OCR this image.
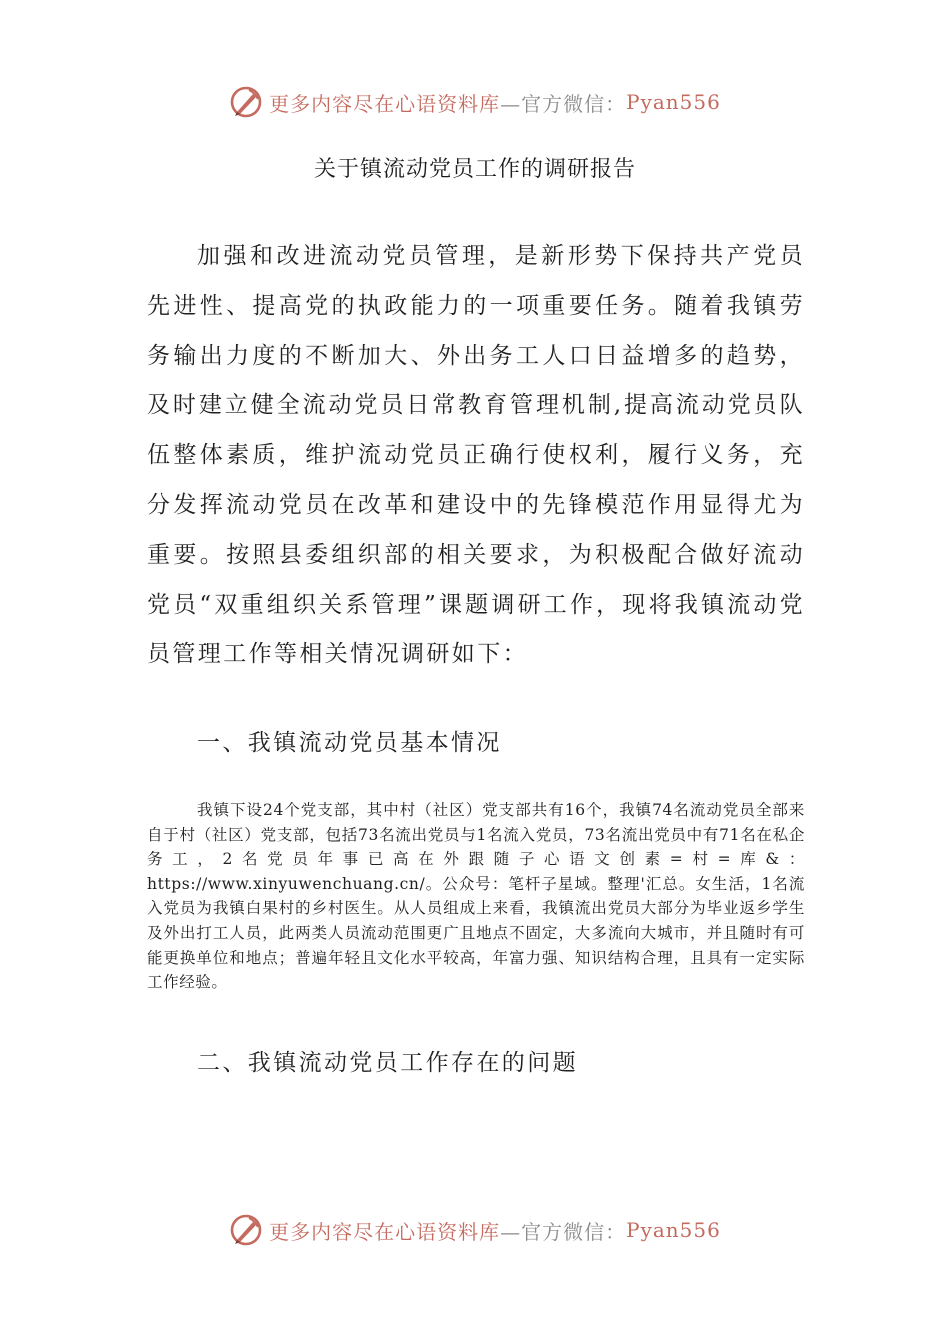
更多内容尽在心语资料库 —官方微信： Pyan556
关于镇流动党员工作的调研报告

加强和改进流动党员管理，是新形势下保持共产党员先进性、提高党的执政能力的一项重要任务。随着我镇劳务输出力度的不断加大、外出务工人口日益增多的趋势，及时建立健全流动党员日常教育管理机制,提高流动党员队伍整体素质，维护流动党员正确行使权利，履行义务，充分发挥流动党员在改革和建设中的先锋模范作用显得尤为重要。按照县委组织部的相关要求，为积极配合做好流动党员“双重组织关系管理”课题调研工作，现将我镇流动党员管理工作等相关情况调研如下：

一、我镇流动党员基本情况

我镇下设24个党支部，其中村（社区）党支部共有16个，我镇74名流动党员全部来自于村（社区）党支部，包括73名流出党员与1名流入党员，73名流出党员中有71名在私企务工，2名党员年事已高在外跟随子心语文创素=村=库&：https://www.xinyuwenchuang.cn/。公众号：笔杆子星域。整理'汇总。女生活，1名流入党员为我镇白果村的乡村医生。从人员组成上来看，我镇流出党员大部分为毕业返乡学生及外出打工人员，此两类人员流动范围更广且地点不固定，大多流向大城市，并且随时有可能更换单位和地点；普遍年轻且文化水平较高，年富力强、知识结构合理，且具有一定实际工作经验。

二、我镇流动党员工作存在的问题

更多内容尽在心语资料库 —官方微信： Pyan556
